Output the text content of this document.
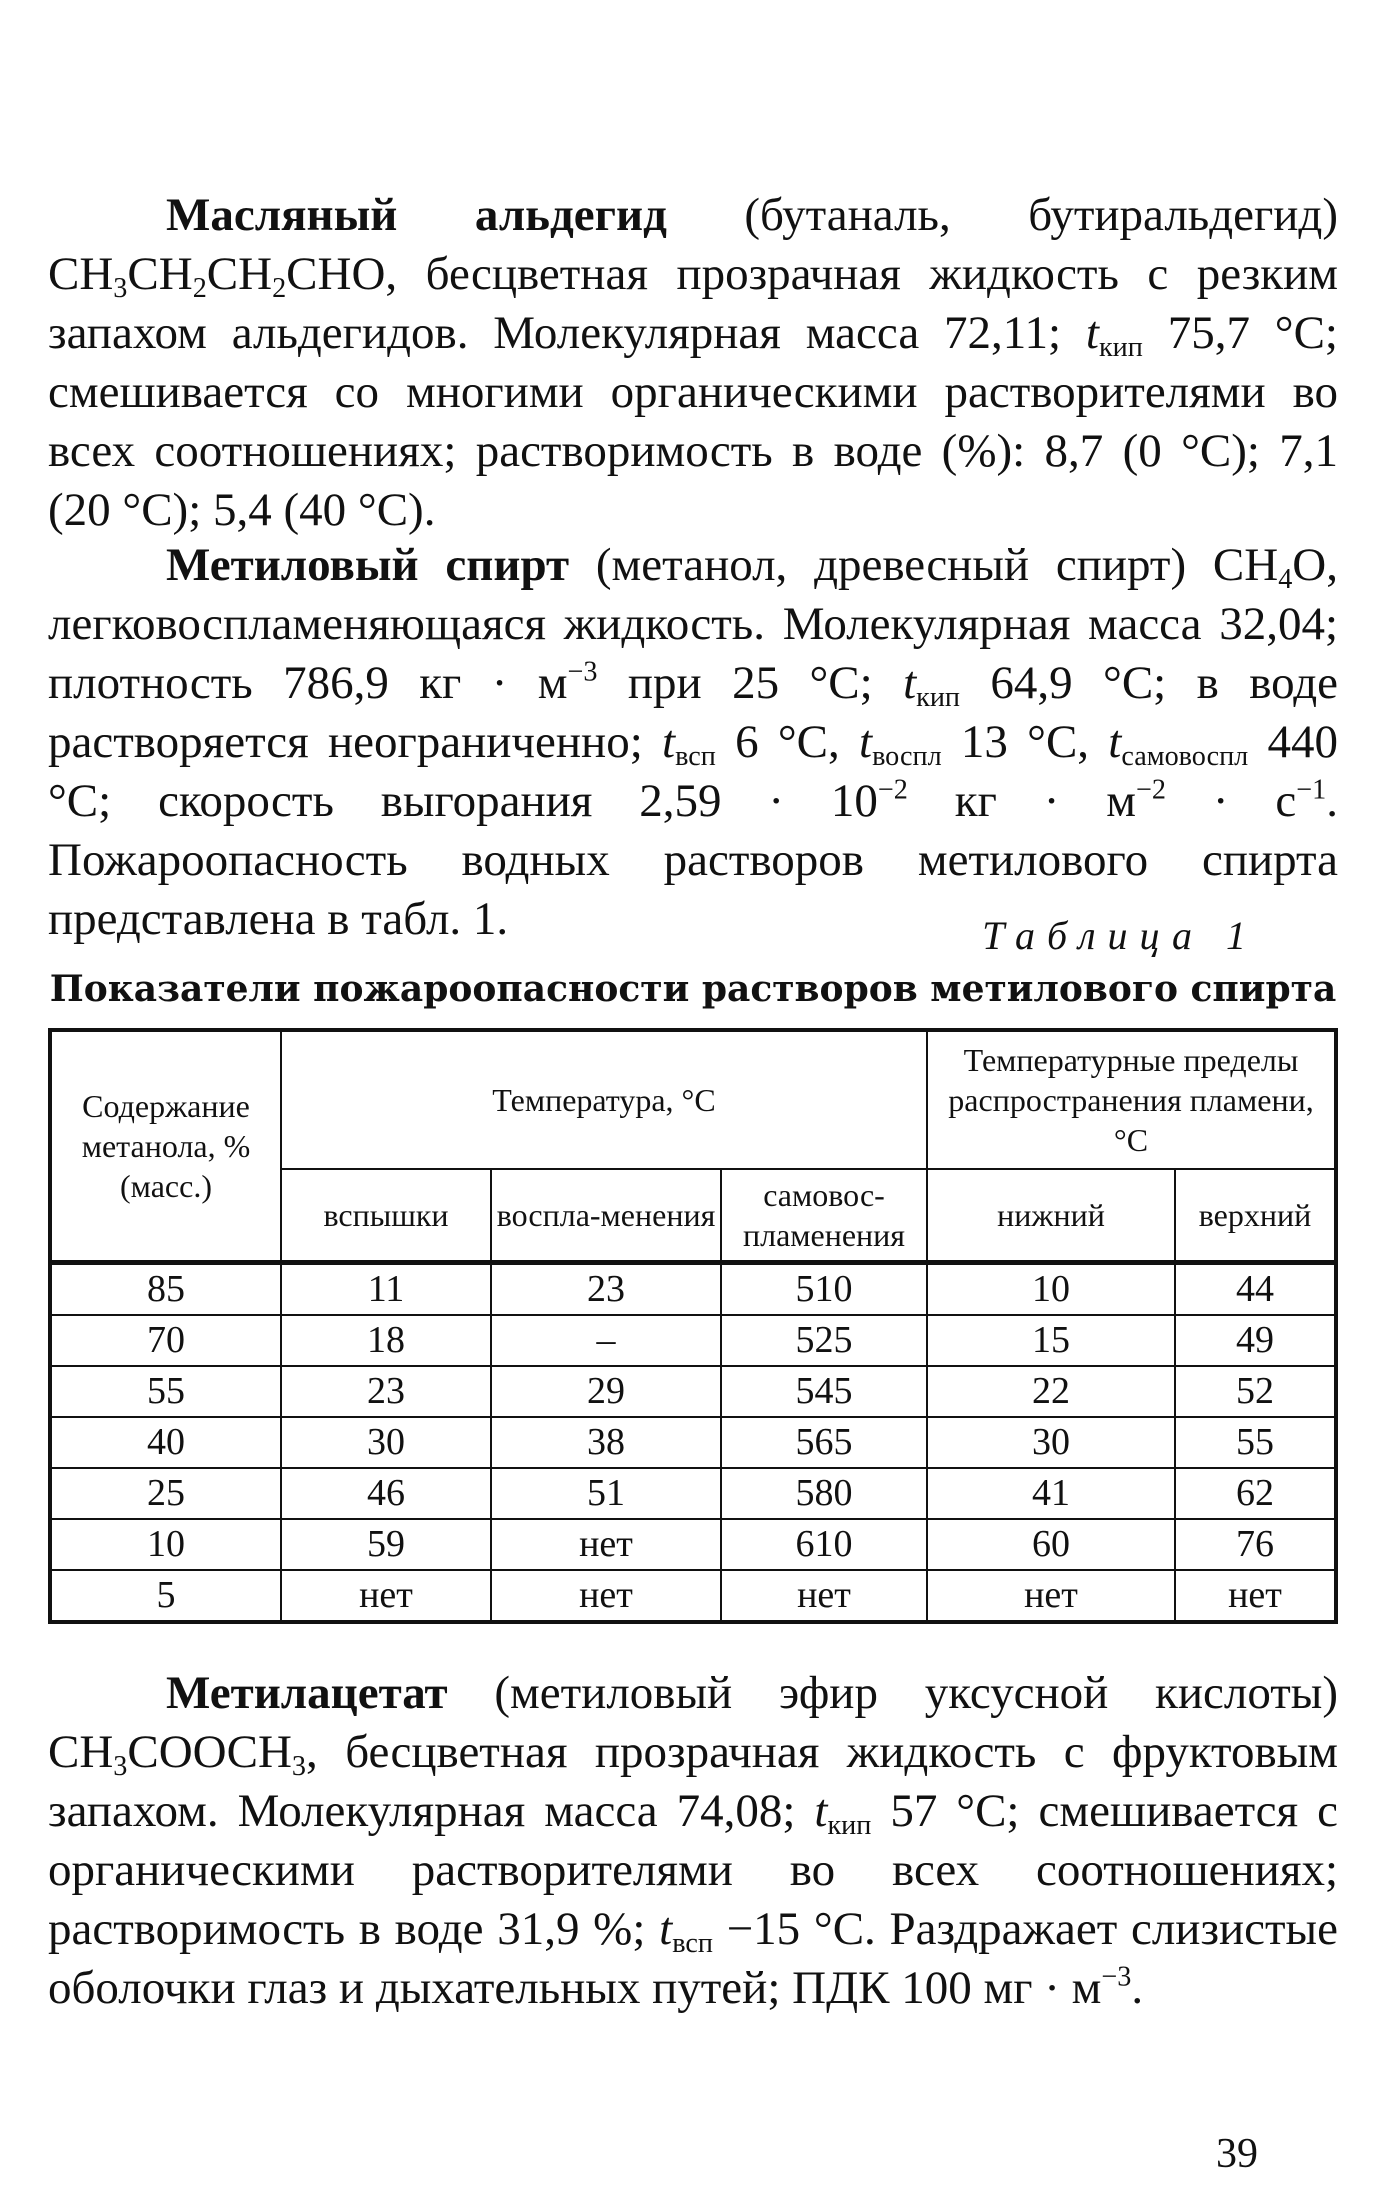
Масляный альдегид (бутаналь, бутиральдегид) $CH_3CH_2CH_2CHO$, бесцветная прозрачная жидкость с резким запахом альдегидов. Молекулярная масса 72,11; $t_{кип}$ 75,7 °С; смешивается со многими органическими растворителями во всех соотношениях; растворимость в воде (%): 8,7 (0 °С); 7,1 (20 °С); 5,4 (40 °С).

Метиловый спирт (метанол, древесный спирт) $CH_4O$, легковоспламеняющаяся жидкость. Молекулярная масса 32,04; плотность 786,9 кг · $м^{-3}$ при 25 °С; $t_{кип}$ 64,9 °С; в воде растворяется неограниченно; $t_{всп}$ 6 °С, $t_{воспл}$ 13 °С, $t_{самовоспл}$ 440 °С; скорость выгорания $2,59 \cdot 10^{-2}$ кг · $м^{-2} \cdot с^{-1}$. Пожароопасность водных растворов метилового спирта представлена в табл. 1.	Таблица 1
Показатели пожароопасности растворов метилового спирта
Содержание метанола, % (масс.)	Температура, °С			Температурные пределы распространения пламени, °С	
	вспышки	воспла-менения	самовос-пламенения	нижний	верхний
85	11	23	510	10	44
70	18	–	525	15	49
55	23	29	545	22	52
40	30	38	565	30	55
25	46	51	580	41	62
10	59	нет	610	60	76
5	нет	нет	нет	нет	нет

Метилацетат (метиловый эфир уксусной кислоты) $CH_3COOCH_3$, бесцветная прозрачная жидкость с фруктовым запахом. Молекулярная масса 74,08; $t_{кип}$ 57 °С; смешивается с органическими растворителями во всех соотношениях; растворимость в воде 31,9 %; $t_{всп} -15$ °С. Раздражает слизистые оболочки глаз и дыхательных путей; ПДК 100 мг · $м^{-3}$.

39
